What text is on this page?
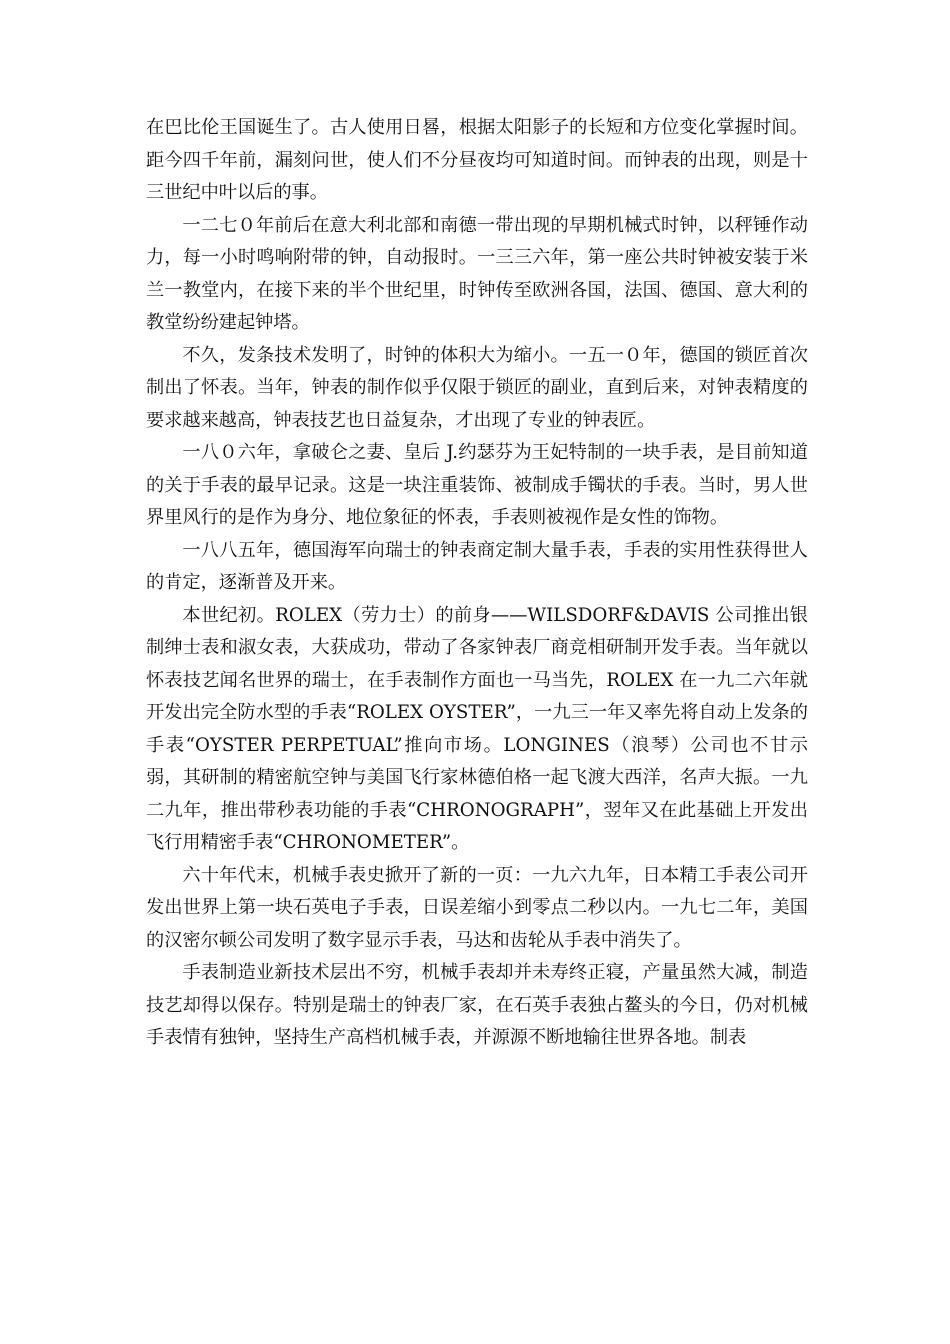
在巴比伦王国诞生了。古人使用日晷，根据太阳影子的长短和方位变化掌握时间。距今四千年前，漏刻问世，使人们不分昼夜均可知道时间。而钟表的出现，则是十三世纪中叶以后的事。

一二七０年前后在意大利北部和南德一带出现的早期机械式时钟，以秤锤作动力，每一小时鸣响附带的钟，自动报时。一三三六年，第一座公共时钟被安装于米兰一教堂内，在接下来的半个世纪里，时钟传至欧洲各国，法国、德国、意大利的教堂纷纷建起钟塔。

不久，发条技术发明了，时钟的体积大为缩小。一五一０年，德国的锁匠首次制出了怀表。当年，钟表的制作似乎仅限于锁匠的副业，直到后来，对钟表精度的要求越来越高，钟表技艺也日益复杂，才出现了专业的钟表匠。

一八０六年，拿破仑之妻、皇后 J.约瑟芬为王妃特制的一块手表，是目前知道的关于手表的最早记录。这是一块注重装饰、被制成手镯状的手表。当时，男人世界里风行的是作为身分、地位象征的怀表，手表则被视作是女性的饰物。

一八八五年，德国海军向瑞士的钟表商定制大量手表，手表的实用性获得世人的肯定，逐渐普及开来。

本世纪初。ROLEX（劳力士）的前身——WILSDORF&DAVIS 公司推出银制绅士表和淑女表，大获成功，带动了各家钟表厂商竞相研制开发手表。当年就以怀表技艺闻名世界的瑞士，在手表制作方面也一马当先，ROLEX 在一九二六年就开发出完全防水型的手表“ROLEX OYSTER”，一九三一年又率先将自动上发条的手表“OYSTER PERPETUAL”推向市场。LONGINES（浪琴）公司也不甘示弱，其研制的精密航空钟与美国飞行家林德伯格一起飞渡大西洋，名声大振。一九二九年，推出带秒表功能的手表“CHRONOGRAPH”，翌年又在此基础上开发出飞行用精密手表“CHRONOMETER”。

六十年代末，机械手表史掀开了新的一页：一九六九年，日本精工手表公司开发出世界上第一块石英电子手表，日误差缩小到零点二秒以内。一九七二年，美国的汉密尔顿公司发明了数字显示手表，马达和齿轮从手表中消失了。

手表制造业新技术层出不穷，机械手表却并未寿终正寝，产量虽然大减，制造技艺却得以保存。特别是瑞士的钟表厂家，在石英手表独占鳌头的今日，仍对机械手表情有独钟，坚持生产高档机械手表，并源源不断地输往世界各地。制表
